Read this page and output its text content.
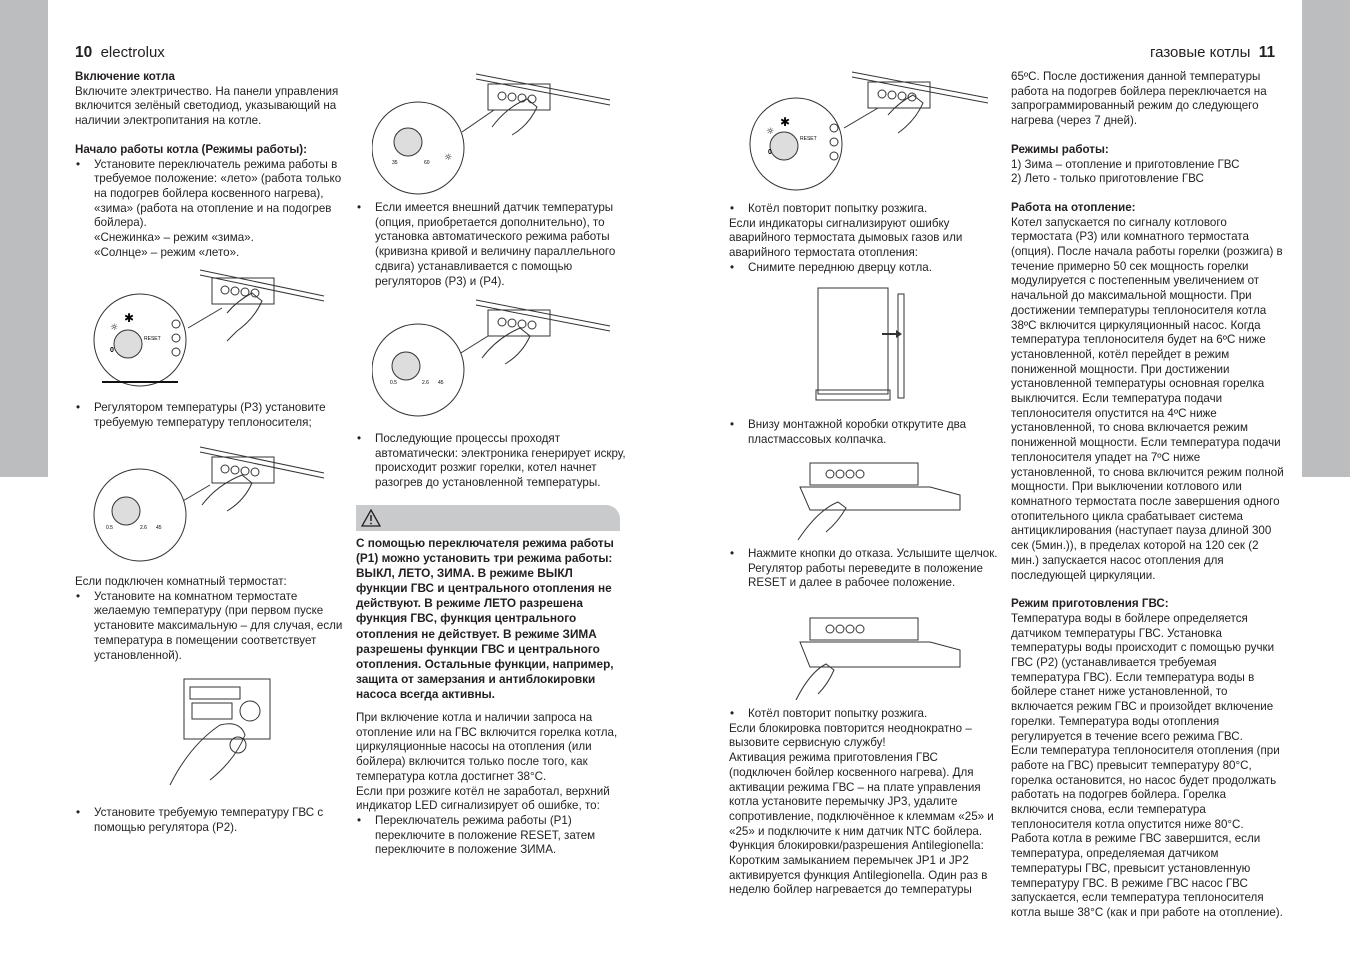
10 electrolux	газовые котлы 11

Включение котла

Включите электричество. На панели управления включится зелёный светодиод, указывающий на наличии электропитания на котле.

Начало работы котла (Режимы работы):

• Установите переключатель режима работы в требуемое положение: «лето» (работа только на подогрев бойлера косвенного нагрева), «зима» (работа на отопление и на подогрев бойлера).

«Снежинка» – режим «зима».

«Солнце» – режим «лето».

✱
☼
RESET
0

• Регулятором температуры (P3) установите требуемую температуру теплоносителя;

0.5	2.6 45

Если подключен комнатный термостат:

• Установите на комнатном термостате желаемую температуру (при первом пуске установите максимальную – для случая, если температура в помещении соответствует установленной).

• Установите требуемую температуру ГВС с помощью регулятора (P2).

35	60 ☼

• Если имеется внешний датчик температуры (опция, приобретается дополнительно), то установка автоматического режима работы (кривизна кривой и величину параллельного сдвига) устанавливается с помощью регуляторов (P3) и (P4).

0.5	2.6 45

• Последующие процессы проходят автоматически: электроника генерирует искру, происходит розжиг горелки, котел начнет разогрев до установленной температуры.

С помощью переключателя режима работы (P1) можно установить три режима работы: ВЫКЛ, ЛЕТО, ЗИМА. В режиме ВЫКЛ функции ГВС и центрального отопления не действуют. В режиме ЛЕТО разрешена функция ГВС, функция центрального отопления не действует. В режиме ЗИМА разрешены функции ГВС и центрального отопления. Остальные функции, например, защита от замерзания и антиблокировки насоса всегда активны.

При включение котла и наличии запроса на отопление или на ГВС включится горелка котла, циркуляционные насосы на отопления (или бойлера) включится только после того, как температура котла достигнет 38°C.

Если при розжиге котёл не заработал, верхний индикатор LED сигнализирует об ошибке, то:

• Переключатель режима работы (P1) переключите в положение RESET, затем переключите в положение ЗИМА.

✱
☼
RESET
0

• Котёл повторит попытку розжига.

Если индикаторы сигнализируют ошибку аварийного термостата дымовых газов или аварийного термостата отопления:

• Снимите переднюю дверцу котла.

• Внизу монтажной коробки открутите два пластмассовых колпачка.

• Нажмите кнопки до отказа. Услышите щелчок. Регулятор работы переведите в положение RESET и далее в рабочее положение.

• Котёл повторит попытку розжига.

Если блокировка повторится неоднократно – вызовите сервисную службу!

Активация режима приготовления ГВС (подключен бойлер косвенного нагрева). Для активации режима ГВС – на плате управления котла установите перемычку JP3, удалите сопротивление, подключённое к клеммам «25» и «25» и подключите к ним датчик NTC бойлера.

Функция блокировки/разрешения Antilegionella: Коротким замыканием перемычек JP1 и JP2 активируется функция Antilegionella. Один раз в неделю бойлер нагревается до температуры

65ºC. После достижения данной температуры работа на подогрев бойлера переключается на запрограммированный режим до следующего нагрева (через 7 дней).

Режимы работы:

1) Зима – отопление и приготовление ГВС

2) Лето - только приготовление ГВС

Работа на отопление:

Котел запускается по сигналу котлового термостата (P3) или комнатного термостата (опция). После начала работы горелки (розжига) в течение примерно 50 сек мощность горелки модулируется с постепенным увеличением от начальной до максимальной мощности. При достижении температуры теплоносителя котла 38ºC включится циркуляционный насос. Когда температура теплоносителя будет на 6ºC ниже установленной, котёл перейдет в режим пониженной мощности. При достижении установленной температуры основная горелка выключится. Если температура подачи теплоносителя опустится на 4ºC ниже установленной, то снова включается режим пониженной мощности. Если температура подачи теплоносителя упадет на 7ºC ниже установленной, то снова включится режим полной мощности. При выключении котлового или комнатного термостата после завершения одного отопительного цикла срабатывает система антициклирования (наступает пауза длиной 300 сек (5мин.)), в пределах которой на 120 сек (2 мин.) запускается насос отопления для последующей циркуляции.

Режим приготовления ГВС:

Температура воды в бойлере определяется датчиком температуры ГВС. Установка температуры воды происходит с помощью ручки ГВС (P2) (устанавливается требуемая температура ГВС). Если температура воды в бойлере станет ниже установленной, то включается режим ГВС и произойдет включение горелки. Температура воды отопления регулируется в течение всего режима ГВС.

Если температура теплоносителя отопления (при работе на ГВС) превысит температуру 80°C, горелка остановится, но насос будет продолжать работать на подогрев бойлера. Горелка включится снова, если температура теплоносителя котла опустится ниже 80°C. Работа котла в режиме ГВС завершится, если температура, определяемая датчиком температуры ГВС, превысит установленную температуру ГВС. В режиме ГВС насос ГВС запускается, если температура теплоносителя котла выше 38°C (как и при работе на отопление).
